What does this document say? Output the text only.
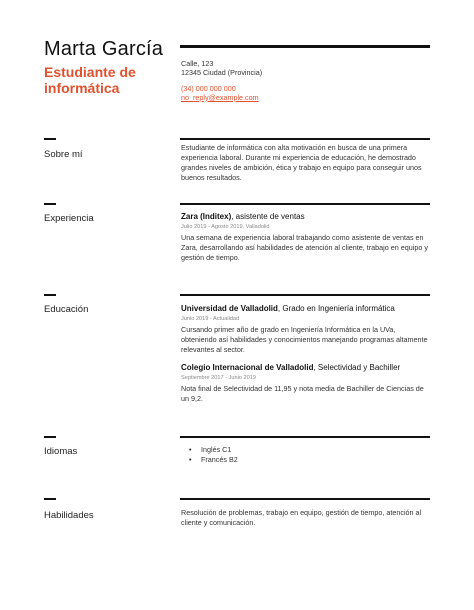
Marta García
Estudiante de informática
Calle, 123
12345 Ciudad (Provincia)
(34) 000 000 000
no_reply@example.com
Sobre mí
Estudiante de informática con alta motivación en busca de una primera experiencia laboral. Durante mi experiencia de educación, he demostrado grandes niveles de ambición, ética y trabajo en equipo para conseguir unos buenos resultados.
Experiencia	Zara (Inditex), asistente de ventas
Julio 2019 - Agosto 2019, Valladolid
Una semana de experiencia laboral trabajando como asistente de ventas en Zara, desarrollando así habilidades de atención al cliente, trabajo en equipo y gestión de tiempo.
Educación	Universidad de Valladolid, Grado en Ingeniería informática
Junio 2019 - Actualidad
Cursando primer año de grado en Ingeniería Informática en la UVa, obteniendo así habilidades y conocimientos manejando programas altamente relevantes al sector.
Colegio Internacional de Valladolid, Selectividad y Bachiller
Septiembre 2017 - Junio 2019
Nota final de Selectividad de 11,95 y nota media de Bachiller de Ciencias de un 9,2.
Idiomas
•	Inglés C1
• Francés B2
Habilidades	Resolución de problemas, trabajo en equipo, gestión de tiempo, atención al cliente y comunicación.
